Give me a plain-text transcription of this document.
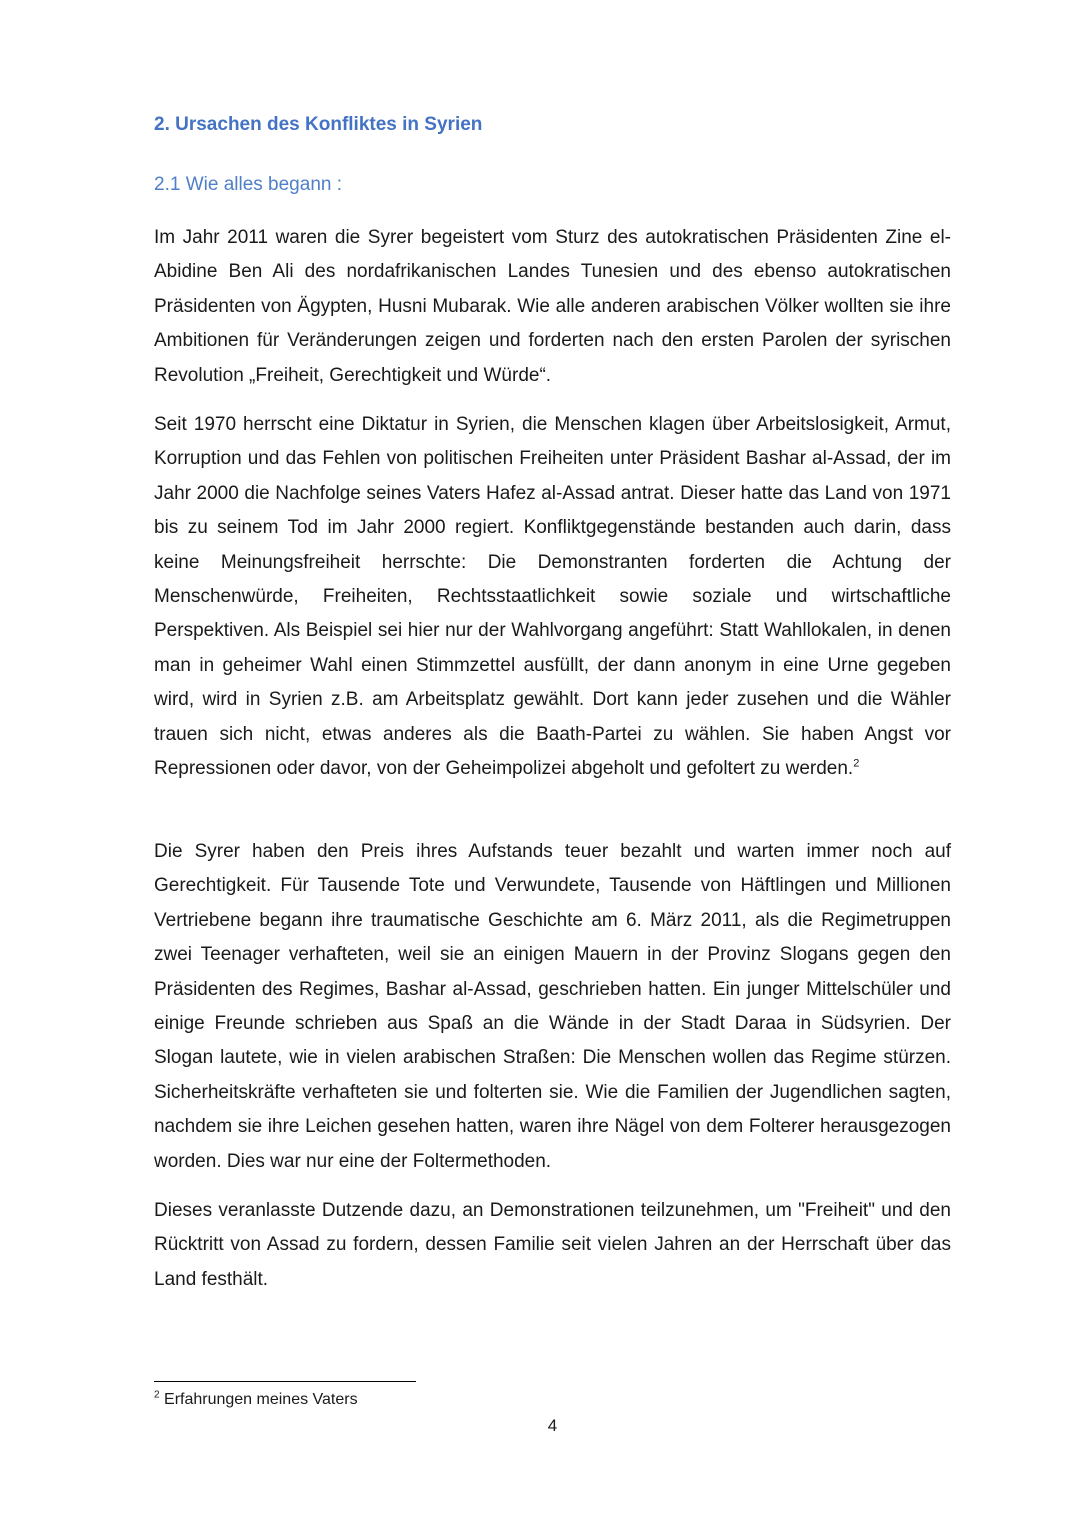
2. Ursachen des Konfliktes in Syrien
2.1 Wie alles begann :

Im Jahr 2011 waren die Syrer begeistert vom Sturz des autokratischen Präsidenten Zine el-Abidine Ben Ali des nordafrikanischen Landes Tunesien und des ebenso autokratischen Präsidenten von Ägypten, Husni Mubarak. Wie alle anderen arabischen Völker wollten sie ihre Ambitionen für Veränderungen zeigen und forderten nach den ersten Parolen der syrischen Revolution „Freiheit, Gerechtigkeit und Würde“.

Seit 1970 herrscht eine Diktatur in Syrien, die Menschen klagen über Arbeitslosigkeit, Armut, Korruption und das Fehlen von politischen Freiheiten unter Präsident Bashar al-Assad, der im Jahr 2000 die Nachfolge seines Vaters Hafez al-Assad antrat. Dieser hatte das Land von 1971 bis zu seinem Tod im Jahr 2000 regiert. Konfliktgegenstände bestanden auch darin, dass keine Meinungsfreiheit herrschte: Die Demonstranten forderten die Achtung der Menschenwürde, Freiheiten, Rechtsstaatlichkeit sowie soziale und wirtschaftliche Perspektiven. Als Beispiel sei hier nur der Wahlvorgang angeführt: Statt Wahllokalen, in denen man in geheimer Wahl einen Stimmzettel ausfüllt, der dann anonym in eine Urne gegeben wird, wird in Syrien z.B. am Arbeitsplatz gewählt. Dort kann jeder zusehen und die Wähler trauen sich nicht, etwas anderes als die Baath-Partei zu wählen. Sie haben Angst vor Repressionen oder davor, von der Geheimpolizei abgeholt und gefoltert zu werden.$^2$

Die Syrer haben den Preis ihres Aufstands teuer bezahlt und warten immer noch auf Gerechtigkeit. Für Tausende Tote und Verwundete, Tausende von Häftlingen und Millionen Vertriebene begann ihre traumatische Geschichte am 6. März 2011, als die Regimetruppen zwei Teenager verhafteten, weil sie an einigen Mauern in der Provinz Slogans gegen den Präsidenten des Regimes, Bashar al-Assad, geschrieben hatten. Ein junger Mittelschüler und einige Freunde schrieben aus Spaß an die Wände in der Stadt Daraa in Südsyrien. Der Slogan lautete, wie in vielen arabischen Straßen: Die Menschen wollen das Regime stürzen. Sicherheitskräfte verhafteten sie und folterten sie. Wie die Familien der Jugendlichen sagten, nachdem sie ihre Leichen gesehen hatten, waren ihre Nägel von dem Folterer herausgezogen worden. Dies war nur eine der Foltermethoden.

Dieses veranlasste Dutzende dazu, an Demonstrationen teilzunehmen, um "Freiheit" und den Rücktritt von Assad zu fordern, dessen Familie seit vielen Jahren an der Herrschaft über das Land festhält.

$^2$ Erfahrungen meines Vaters

4
